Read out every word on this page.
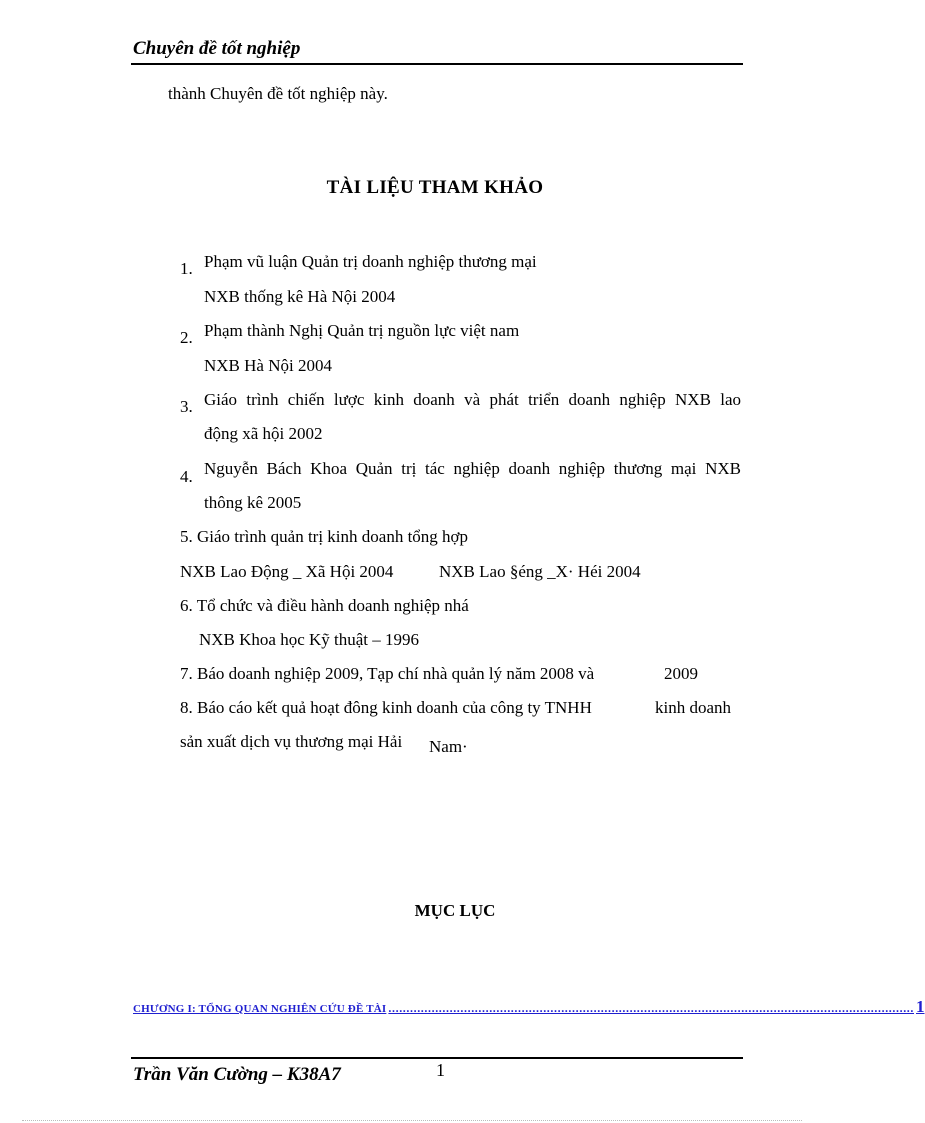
Chuyên đề tốt nghiệp
thành Chuyên đề tốt nghiệp này.
TÀI LIỆU THAM KHẢO
1. Phạm vũ luận Quản trị doanh nghiệp thương mại
NXB thống kê Hà Nội 2004
2. Phạm thành Nghị Quản trị nguồn lực việt nam
NXB Hà Nội 2004
3. Giáo trình chiến lược kinh doanh và phát triển doanh nghiệp NXB lao
động xã hội 2002
4. Nguyễn Bách Khoa Quản trị tác nghiệp doanh nghiệp thương mại NXB
thông kê 2005
5. Giáo trình quản trị kinh doanh tổng hợp
NXB Lao Động _ Xã Hội 2004	NXB Lao §éng _X· Héi 2004
6. Tổ chức và điều hành doanh nghiệp nhá
NXB Khoa học Kỹ thuật – 1996
7. Báo doanh nghiệp 2009, Tạp chí nhà quản lý năm 2008 và	2009
8. Báo cáo kết quả hoạt đông kinh doanh của công ty TNHH	kinh doanh
sản xuất dịch vụ thương mại Hải Nam·
MỤC LỤC
CHƯƠNG I: TỔNG QUAN NGHIÊN CỨU ĐỀ TÀI .................................................................................................................................................. 1
Trần Văn Cường – K38A7	1
